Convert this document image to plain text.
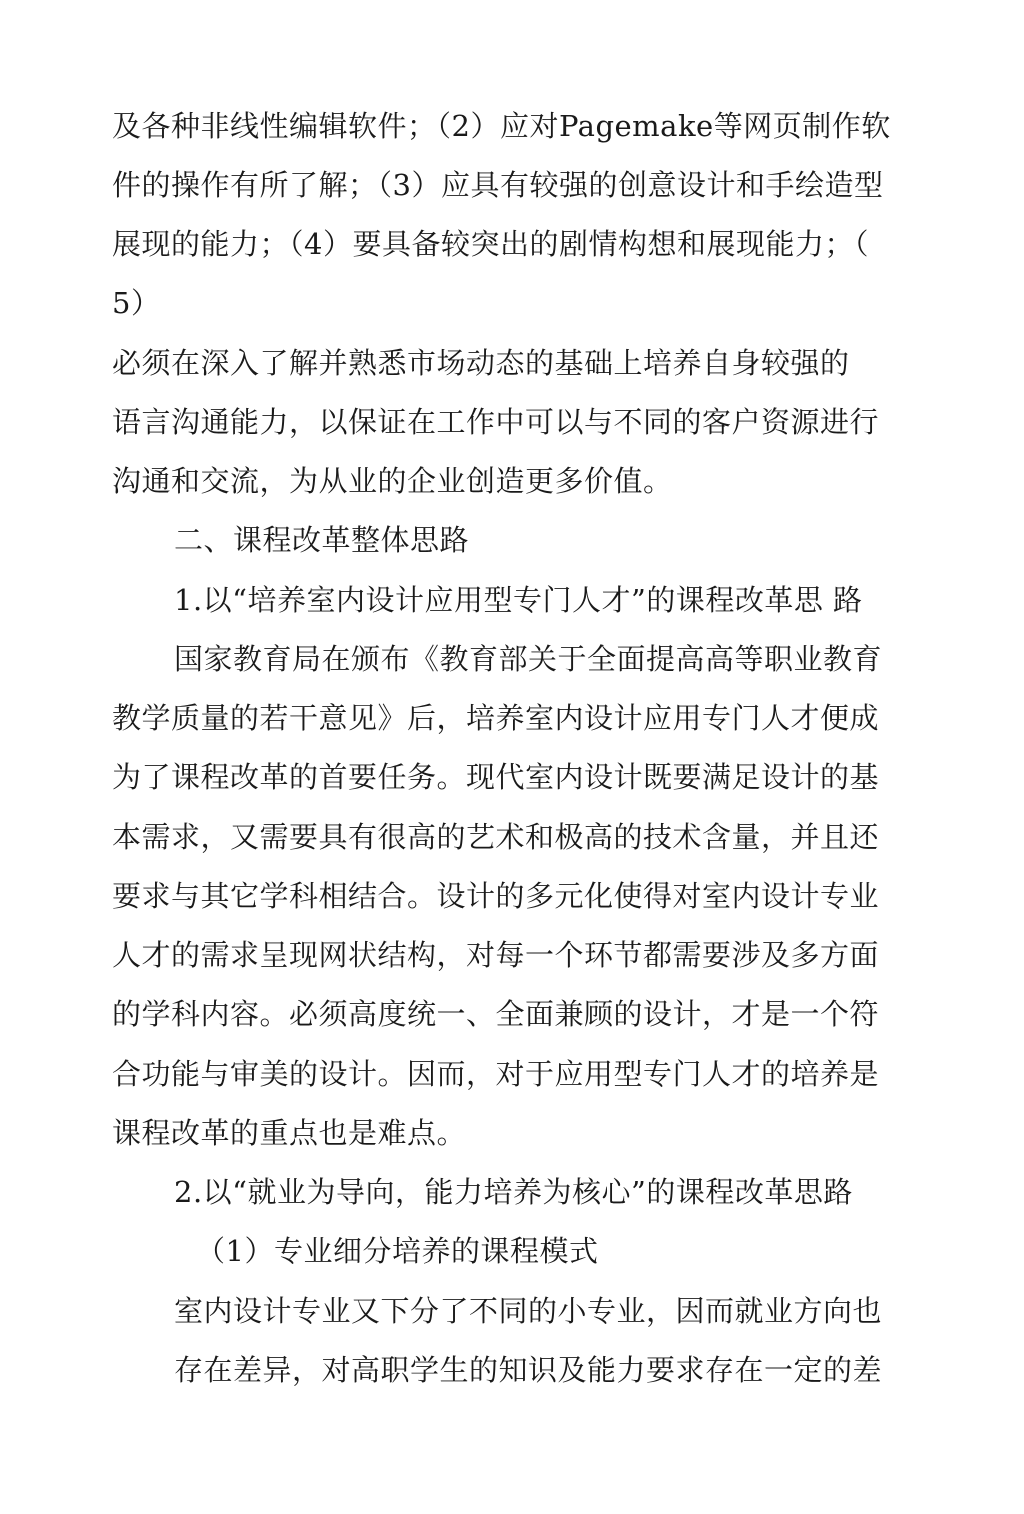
及各种非线性编辑软件；（2）应对Pagemake等网页制作软
件的操作有所了解；（3）应具有较强的创意设计和手绘造型
展现的能力；（4）要具备较突出的剧情构想和展现能力；（
5）
必须在深入了解并熟悉市场动态的基础上培养自身较强的
语言沟通能力，以保证在工作中可以与不同的客户资源进行
沟通和交流，为从业的企业创造更多价值。
二、课程改革整体思路
1.以“培养室内设计应用型专门人才”的课程改革思 路
国家教育局在颁布《教育部关于全面提高高等职业教育
教学质量的若干意见》后，培养室内设计应用专门人才便成
为了课程改革的首要任务。现代室内设计既要满足设计的基
本需求，又需要具有很高的艺术和极高的技术含量，并且还
要求与其它学科相结合。设计的多元化使得对室内设计专业
人才的需求呈现网状结构，对每一个环节都需要涉及多方面
的学科内容。必须高度统一、全面兼顾的设计，才是一个符
合功能与审美的设计。因而，对于应用型专门人才的培养是
课程改革的重点也是难点。
2.以“就业为导向，能力培养为核心”的课程改革思路
（1）专业细分培养的课程模式
室内设计专业又下分了不同的小专业，因而就业方向也
存在差异，对高职学生的知识及能力要求存在一定的差
